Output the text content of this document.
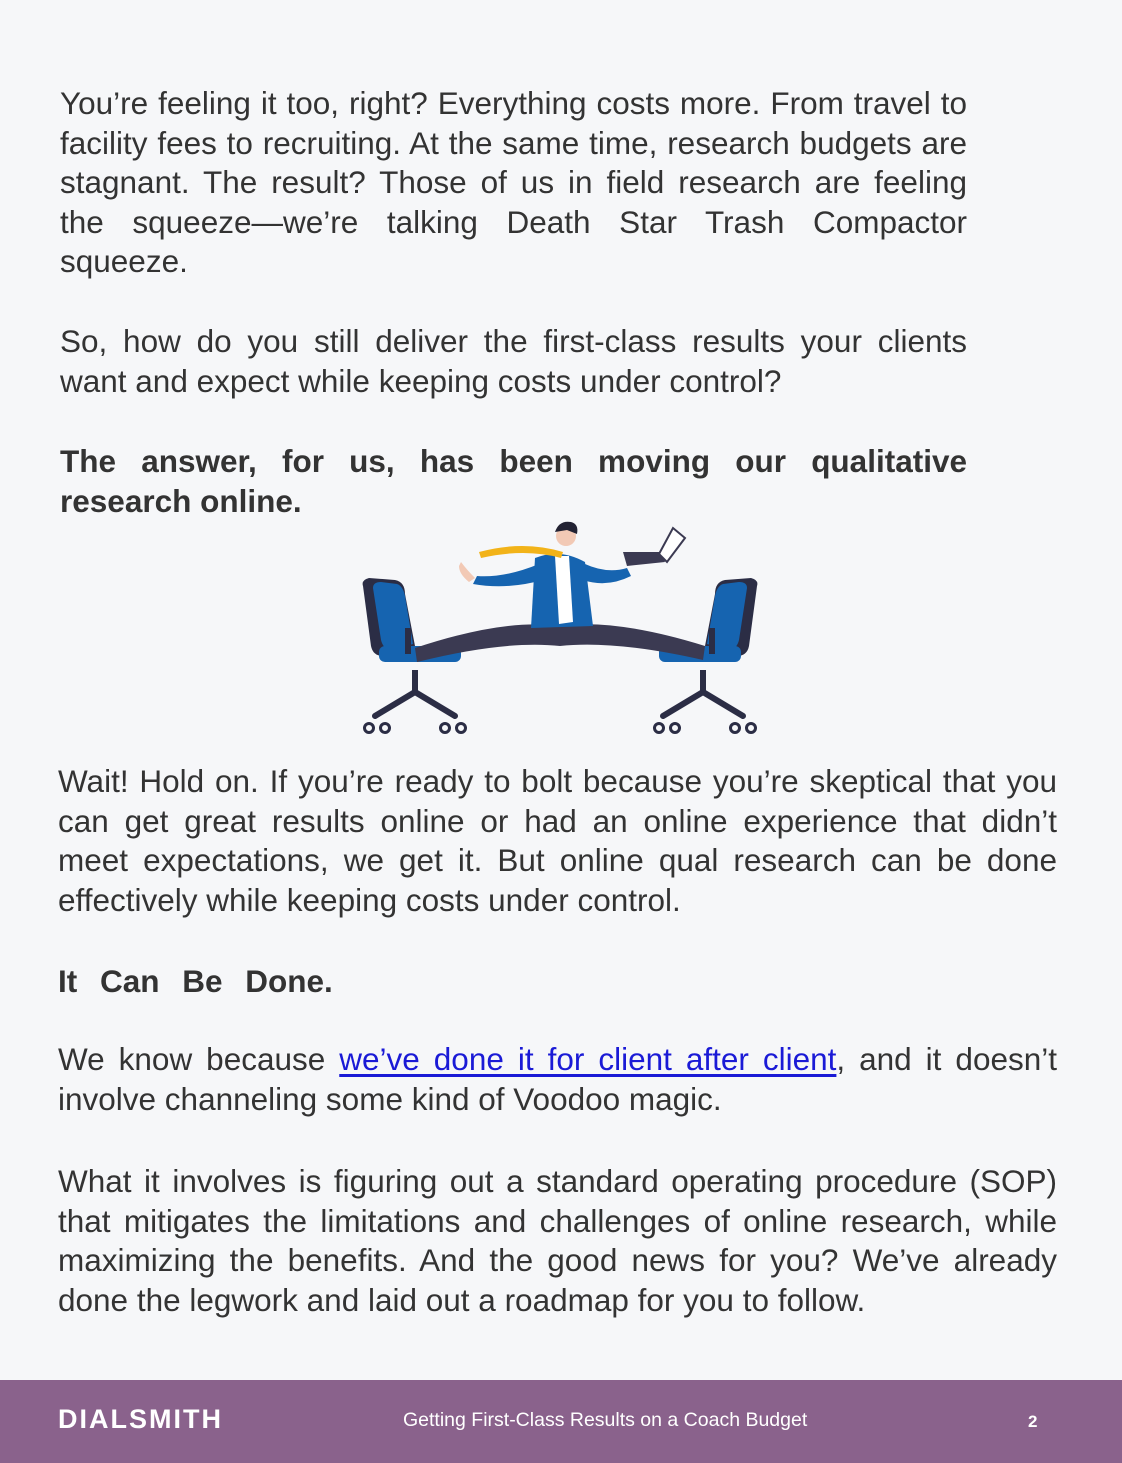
You’re feeling it too, right? Everything costs more. From travel to facility fees to recruiting. At the same time, research budgets are stagnant. The result? Those of us in field research are feeling the squeeze—we’re talking Death Star Trash Compactor squeeze.

So, how do you still deliver the first-class results your clients want and expect while keeping costs under control?

The answer, for us, has been moving our qualitative research online.

Wait! Hold on. If you’re ready to bolt because you’re skeptical that you can get great results online or had an online experience that didn’t meet expectations, we get it. But online qual research can be done effectively while keeping costs under control.

It Can Be Done.

We know because we’ve done it for client after client, and it doesn’t involve channeling some kind of Voodoo magic.

What it involves is figuring out a standard operating procedure (SOP) that mitigates the limitations and challenges of online research, while maximizing the benefits. And the good news for you? We’ve already done the legwork and laid out a roadmap for you to follow.

DIALSMITH	Getting First-Class Results on a Coach Budget	2
